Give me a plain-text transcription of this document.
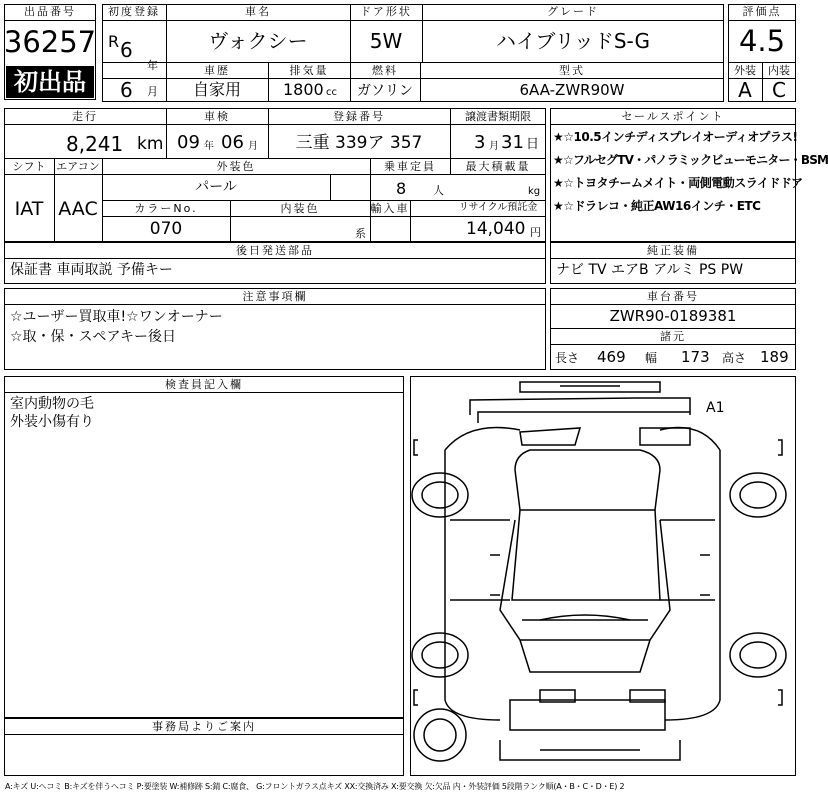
出品番号
36257
初出品
初度登録
R 6
年
6 月
車名
ヴォクシー
ドア形状
5W
グレード
ハイブリッドS-G
車歴
自家用
排気量
1800 cc
燃料
ガソリン
型式
6AA-ZWR90W
評価点
4.5
外装
A
内装
C
走行
8,241 km
車検
09 年 06 月
登録番号
三重 339ア 357
譲渡書類期限
3 月 31 日
シフト
IAT
エアコン
AAC
外装色
パール
乗車定員
8 人
最大積載量
kg
カラーNo.
070
内装色
系
輸入車	リサイクル預託金
14,040 円
セールスポイント
★☆10.5インチディスプレイオーディオプラス!
★☆フルセグTV・パノラミックビューモニター・BSM
★☆トヨタチームメイト・両側電動スライドドア
★☆ドラレコ・純正AW16インチ・ETC
後日発送部品
保証書 車両取説 予備キー
純正装備
ナビ TV エアB アルミ PS PW
注意事項欄
☆ユーザー買取車!☆ワンオーナー
☆取・保・スペアキー後日
車台番号
ZWR90-0189381
諸元
長さ 469 幅 173 高さ 189
検査員記入欄
室内動物の毛
外装小傷有り
事務局よりご案内
A1
A:キズ U:ヘコミ B:キズを伴うヘコミ P:要塗装 W:補修跡 S:錆 C:腐食、 G:フロントガラス点キズ XX:交換済み X:要交換 欠:欠品 内・外装評価 5段階ランク順(A・B・C・D・E) 2
